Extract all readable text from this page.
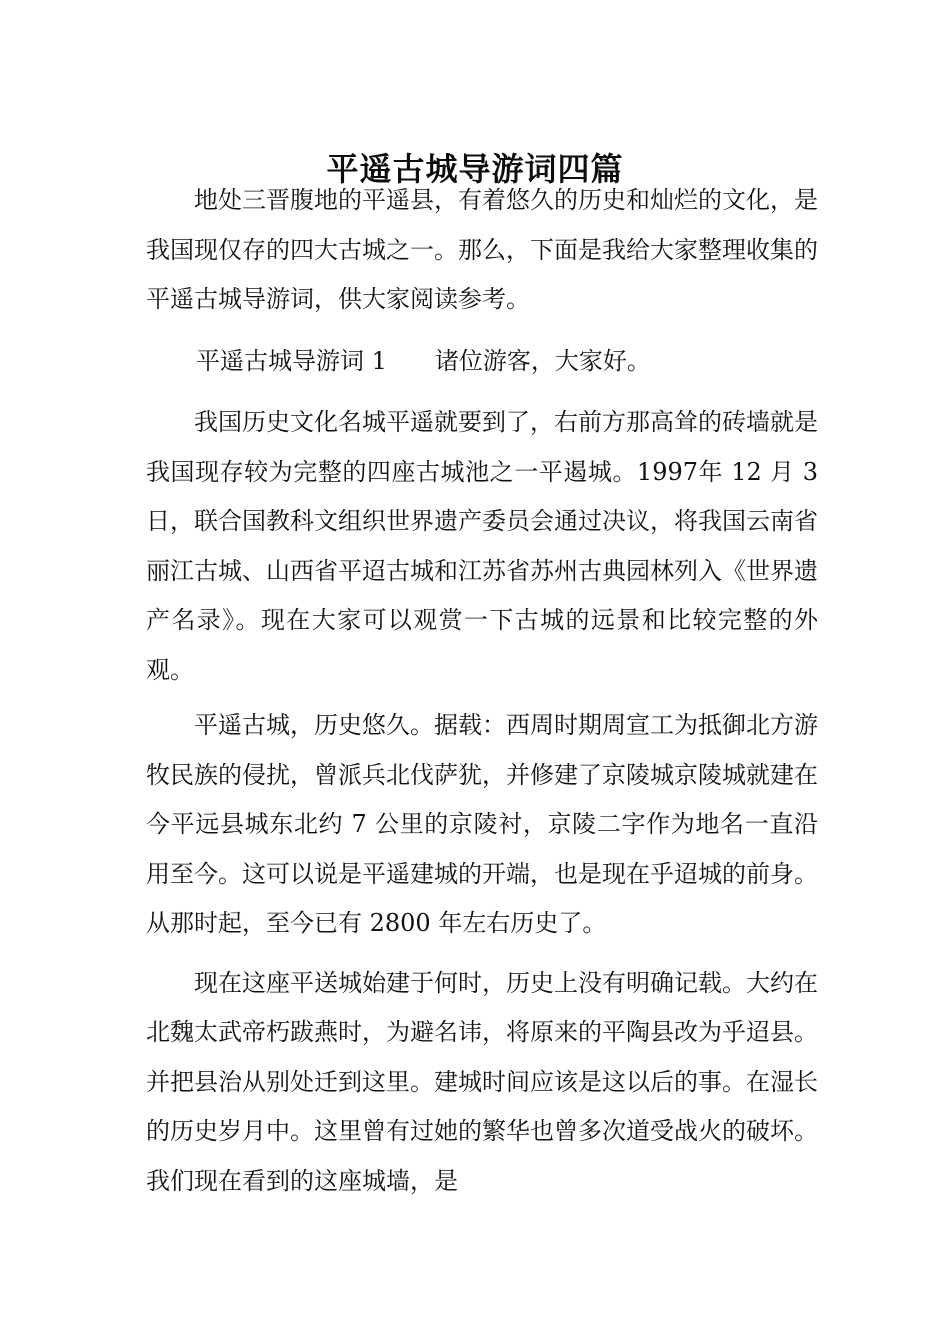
平遥古城导游词四篇

地处三晋腹地的平遥县，有着悠久的历史和灿烂的文化，是我国现仅存的四大古城之一。那么，下面是我给大家整理收集的平遥古城导游词，供大家阅读参考。

平遥古城导游词 1　　诸位游客，大家好。

我国历史文化名城平遥就要到了，右前方那高耸的砖墙就是我国现存较为完整的四座古城池之一平遏城。1997年 12 月 3 日，联合国教科文组织世界遗产委员会通过决议，将我国云南省丽江古城、山西省平迢古城和江苏省苏州古典园林列入《世界遗产名录》。现在大家可以观赏一下古城的远景和比较完整的外观。

平遥古城，历史悠久。据载：西周时期周宣工为抵御北方游牧民族的侵扰，曾派兵北伐萨犹，并修建了京陵城京陵城就建在今平远县城东北约 7 公里的京陵衬，京陵二字作为地名一直沿用至今。这可以说是平遥建城的开端，也是现在乎迢城的前身。从那时起，至今已有 2800 年左右历史了。

现在这座平送城始建于何时，历史上没有明确记载。大约在北魏太武帝朽跋燕时，为避名讳，将原来的平陶县改为乎迢县。并把县治从别处迁到这里。建城时间应该是这以后的事。在湿长的历史岁月中。这里曾有过她的繁华也曾多次道受战火的破坏。我们现在看到的这座城墙，是
